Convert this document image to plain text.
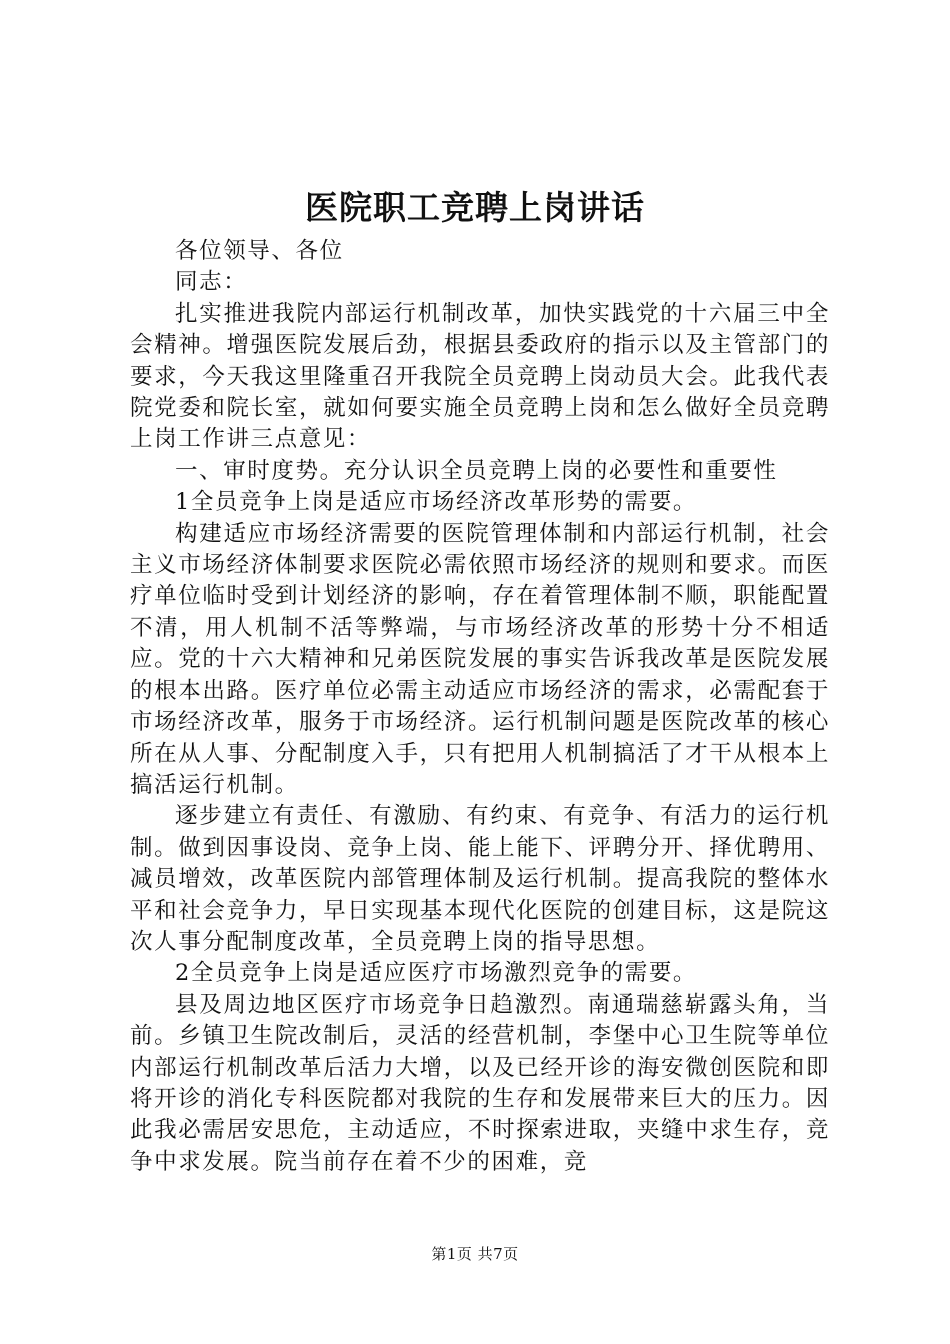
医院职工竞聘上岗讲话

各位领导、各位

同志：

扎实推进我院内部运行机制改革，加快实践党的十六届三中全会精神。增强医院发展后劲，根据县委政府的指示以及主管部门的要求，今天我这里隆重召开我院全员竞聘上岗动员大会。此我代表院党委和院长室，就如何要实施全员竞聘上岗和怎么做好全员竞聘上岗工作讲三点意见：

一、审时度势。充分认识全员竞聘上岗的必要性和重要性

1全员竞争上岗是适应市场经济改革形势的需要。

构建适应市场经济需要的医院管理体制和内部运行机制，社会主义市场经济体制要求医院必需依照市场经济的规则和要求。而医疗单位临时受到计划经济的影响，存在着管理体制不顺，职能配置不清，用人机制不活等弊端，与市场经济改革的形势十分不相适应。党的十六大精神和兄弟医院发展的事实告诉我改革是医院发展的根本出路。医疗单位必需主动适应市场经济的需求，必需配套于市场经济改革，服务于市场经济。运行机制问题是医院改革的核心所在从人事、分配制度入手，只有把用人机制搞活了才干从根本上搞活运行机制。

逐步建立有责任、有激励、有约束、有竞争、有活力的运行机制。做到因事设岗、竞争上岗、能上能下、评聘分开、择优聘用、减员增效，改革医院内部管理体制及运行机制。提高我院的整体水平和社会竞争力，早日实现基本现代化医院的创建目标，这是院这次人事分配制度改革，全员竞聘上岗的指导思想。

2全员竞争上岗是适应医疗市场激烈竞争的需要。

县及周边地区医疗市场竞争日趋激烈。南通瑞慈崭露头角，当前。乡镇卫生院改制后，灵活的经营机制，李堡中心卫生院等单位内部运行机制改革后活力大增，以及已经开诊的海安微创医院和即将开诊的消化专科医院都对我院的生存和发展带来巨大的压力。因此我必需居安思危，主动适应，不时探索进取，夹缝中求生存，竞争中求发展。院当前存在着不少的困难，竞

第1页 共7页
